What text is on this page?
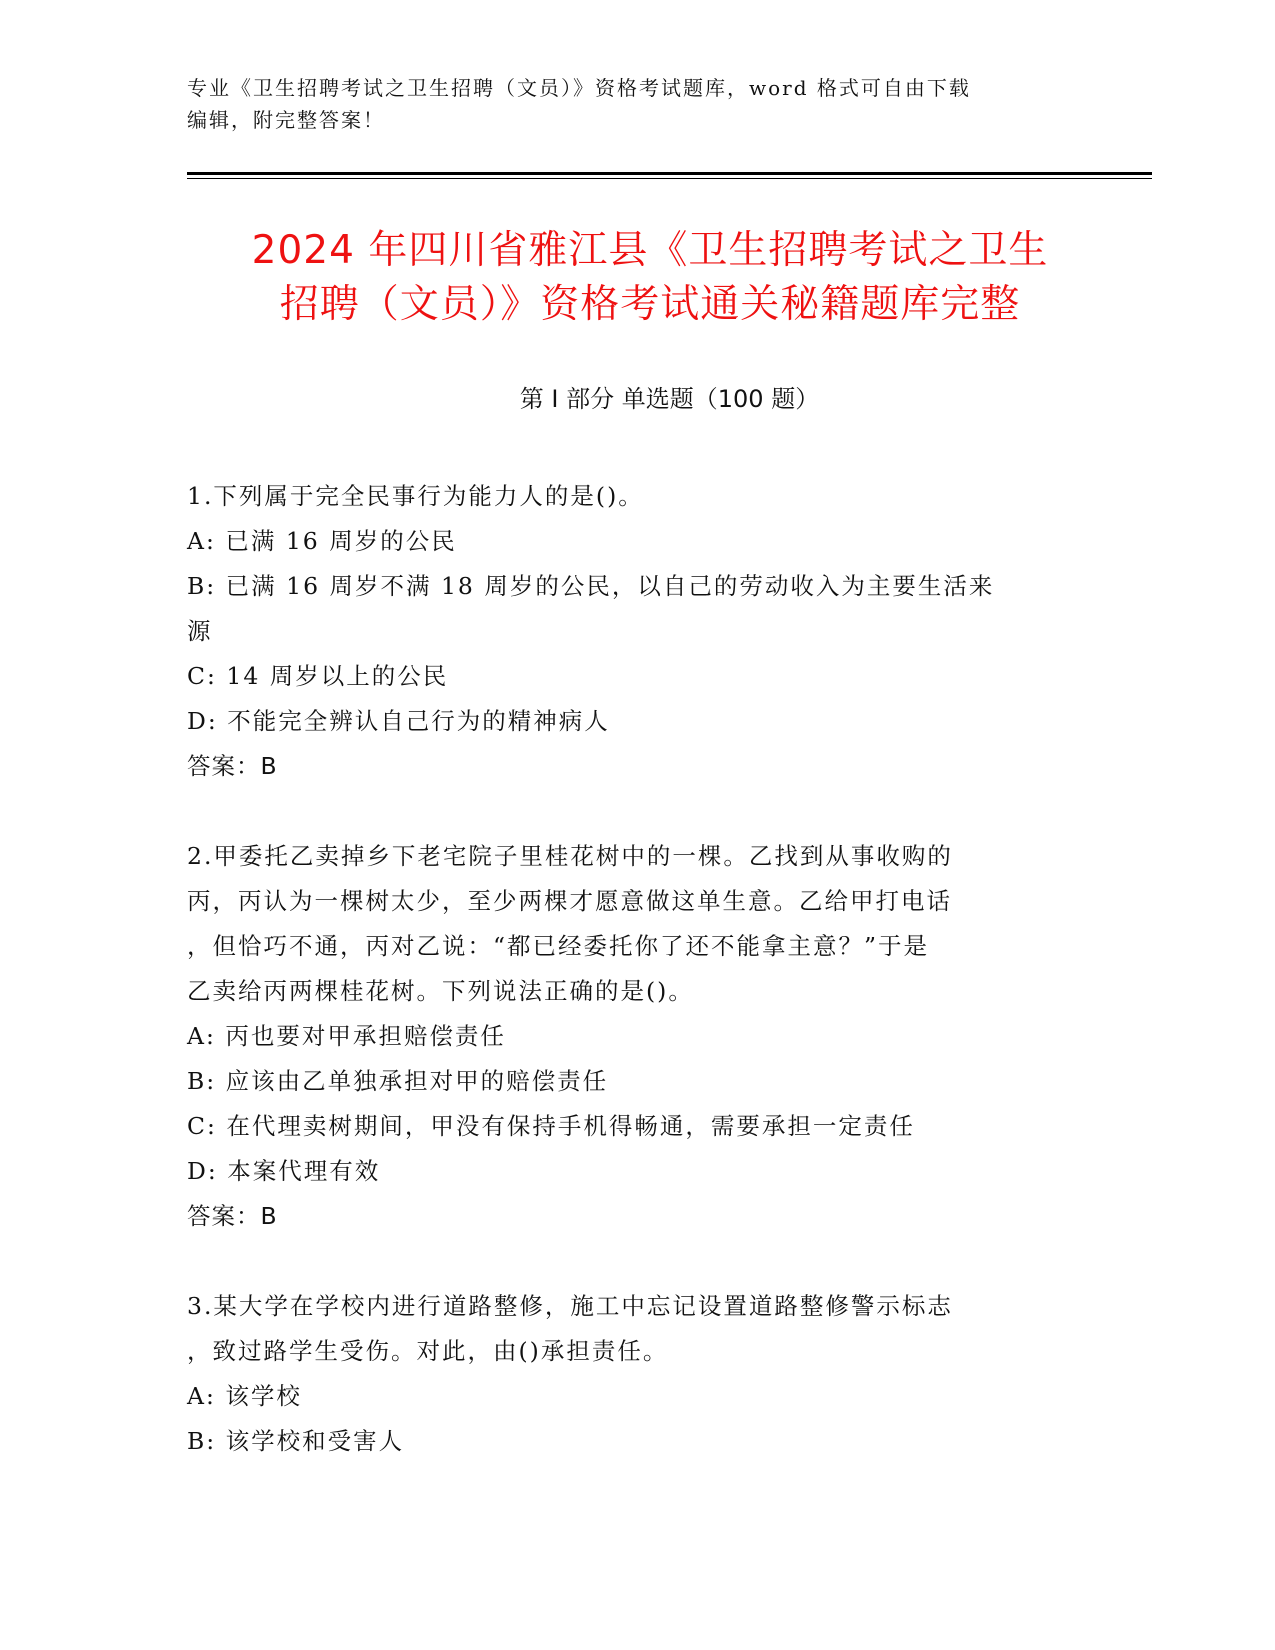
专业《卫生招聘考试之卫生招聘（文员）》资格考试题库，word 格式可自由下载
编辑，附完整答案！
2024 年四川省雅江县《卫生招聘考试之卫生
招聘（文员）》资格考试通关秘籍题库完整
第 I 部分 单选题（100 题）
1.下列属于完全民事行为能力人的是()。
A: 已满 16 周岁的公民
B: 已满 16 周岁不满 18 周岁的公民，以自己的劳动收入为主要生活来
源
C: 14 周岁以上的公民
D: 不能完全辨认自己行为的精神病人
答案：B
2.甲委托乙卖掉乡下老宅院子里桂花树中的一棵。乙找到从事收购的
丙，丙认为一棵树太少，至少两棵才愿意做这单生意。乙给甲打电话
，但恰巧不通，丙对乙说：“都已经委托你了还不能拿主意？”于是
乙卖给丙两棵桂花树。下列说法正确的是()。
A: 丙也要对甲承担赔偿责任
B: 应该由乙单独承担对甲的赔偿责任
C: 在代理卖树期间，甲没有保持手机得畅通，需要承担一定责任
D: 本案代理有效
答案：B
3.某大学在学校内进行道路整修，施工中忘记设置道路整修警示标志
，致过路学生受伤。对此，由()承担责任。
A: 该学校
B: 该学校和受害人
